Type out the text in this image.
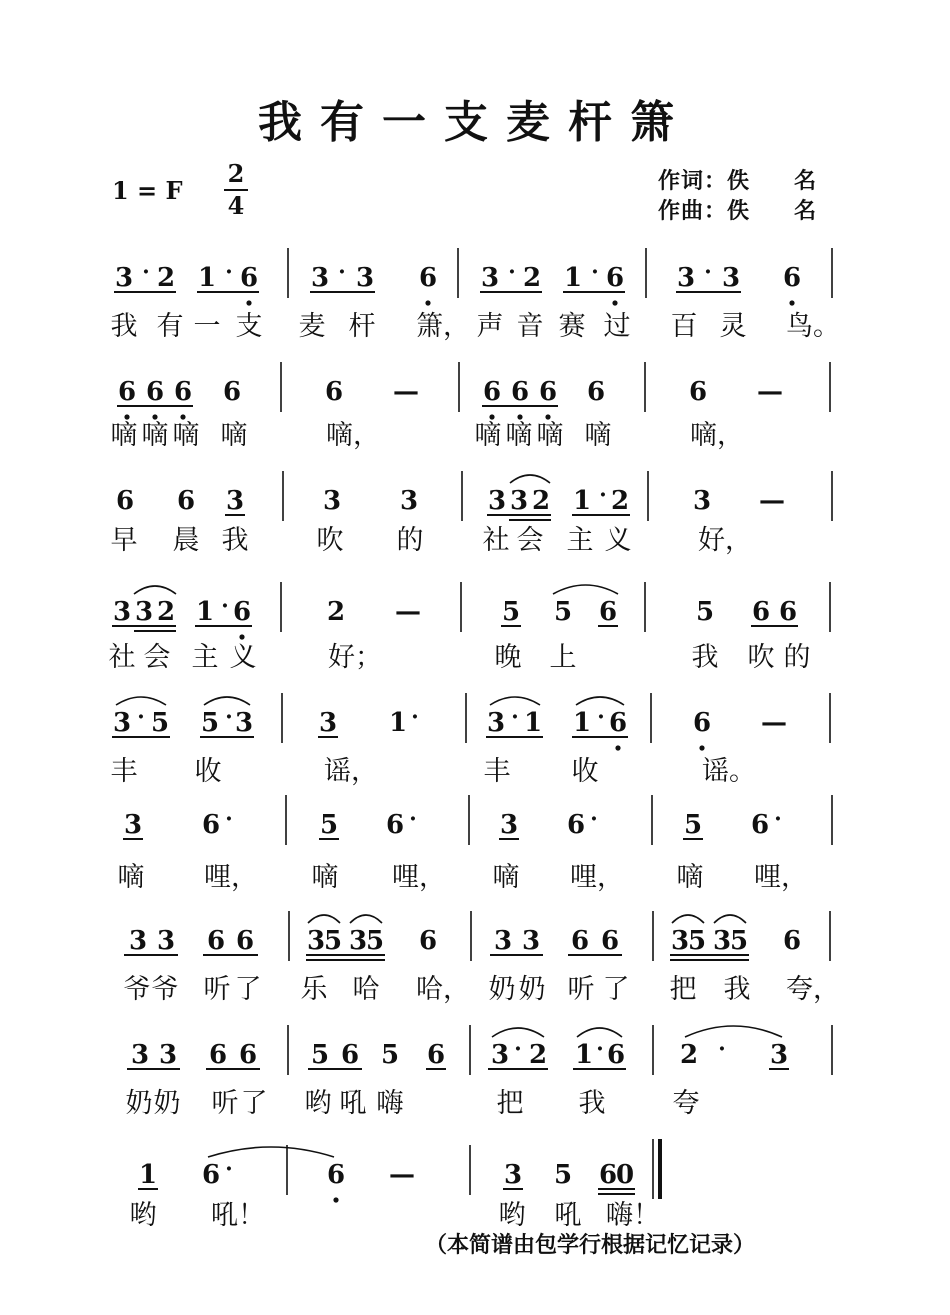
我有一支麦杆箫
1 = F
2
4
作词：佚 名
作曲：佚 名
3 · 2 1 · 6 3 · 3 6 3 · 2 1 · 6 3 · 3 6
我 有 一 支 麦 杆 箫， 声 音 赛 过 百 灵 鸟。
6 6 6 6	6 — 6 6 6 6	6 —
嘀 嘀 嘀 嘀	嘀，	嘀 嘀 嘀 嘀	嘀，
6 6 3	3 3	3 3 2 1 · 2 3 —
早 晨 我	吹 的 社 会 主 义 好，
3 3 2 1 · 6	2 —	5 5 6	5 6 6
社 会 主 义	好；	晚 上	我 吹 的
3 · 5 5 · 3	3 1 ·	3 · 1 1 · 6	6 —
丰 收	谣，	丰 收	谣。
3 6 ·	5 6 ·	3 6 ·	5 6 ·
嘀 哩， 嘀 哩， 嘀 哩， 嘀 哩，
3 3 6 6 3
5 3
5 6 3 3 6 6 3
5 3
5 6
爷 爷 听 了 乐 哈 哈， 奶 奶 听 了 把 我 夸，
3 3 6 6 5 6 5 6 3 · 2 1 · 6 2 · 3
奶 奶 听 了 哟 吼 嗨	把 我 夸
1 6 ·	6 —	3 5 6
0
哟 吼！	哟 吼 嗨！
（本简谱由包学行根据记忆记录）
